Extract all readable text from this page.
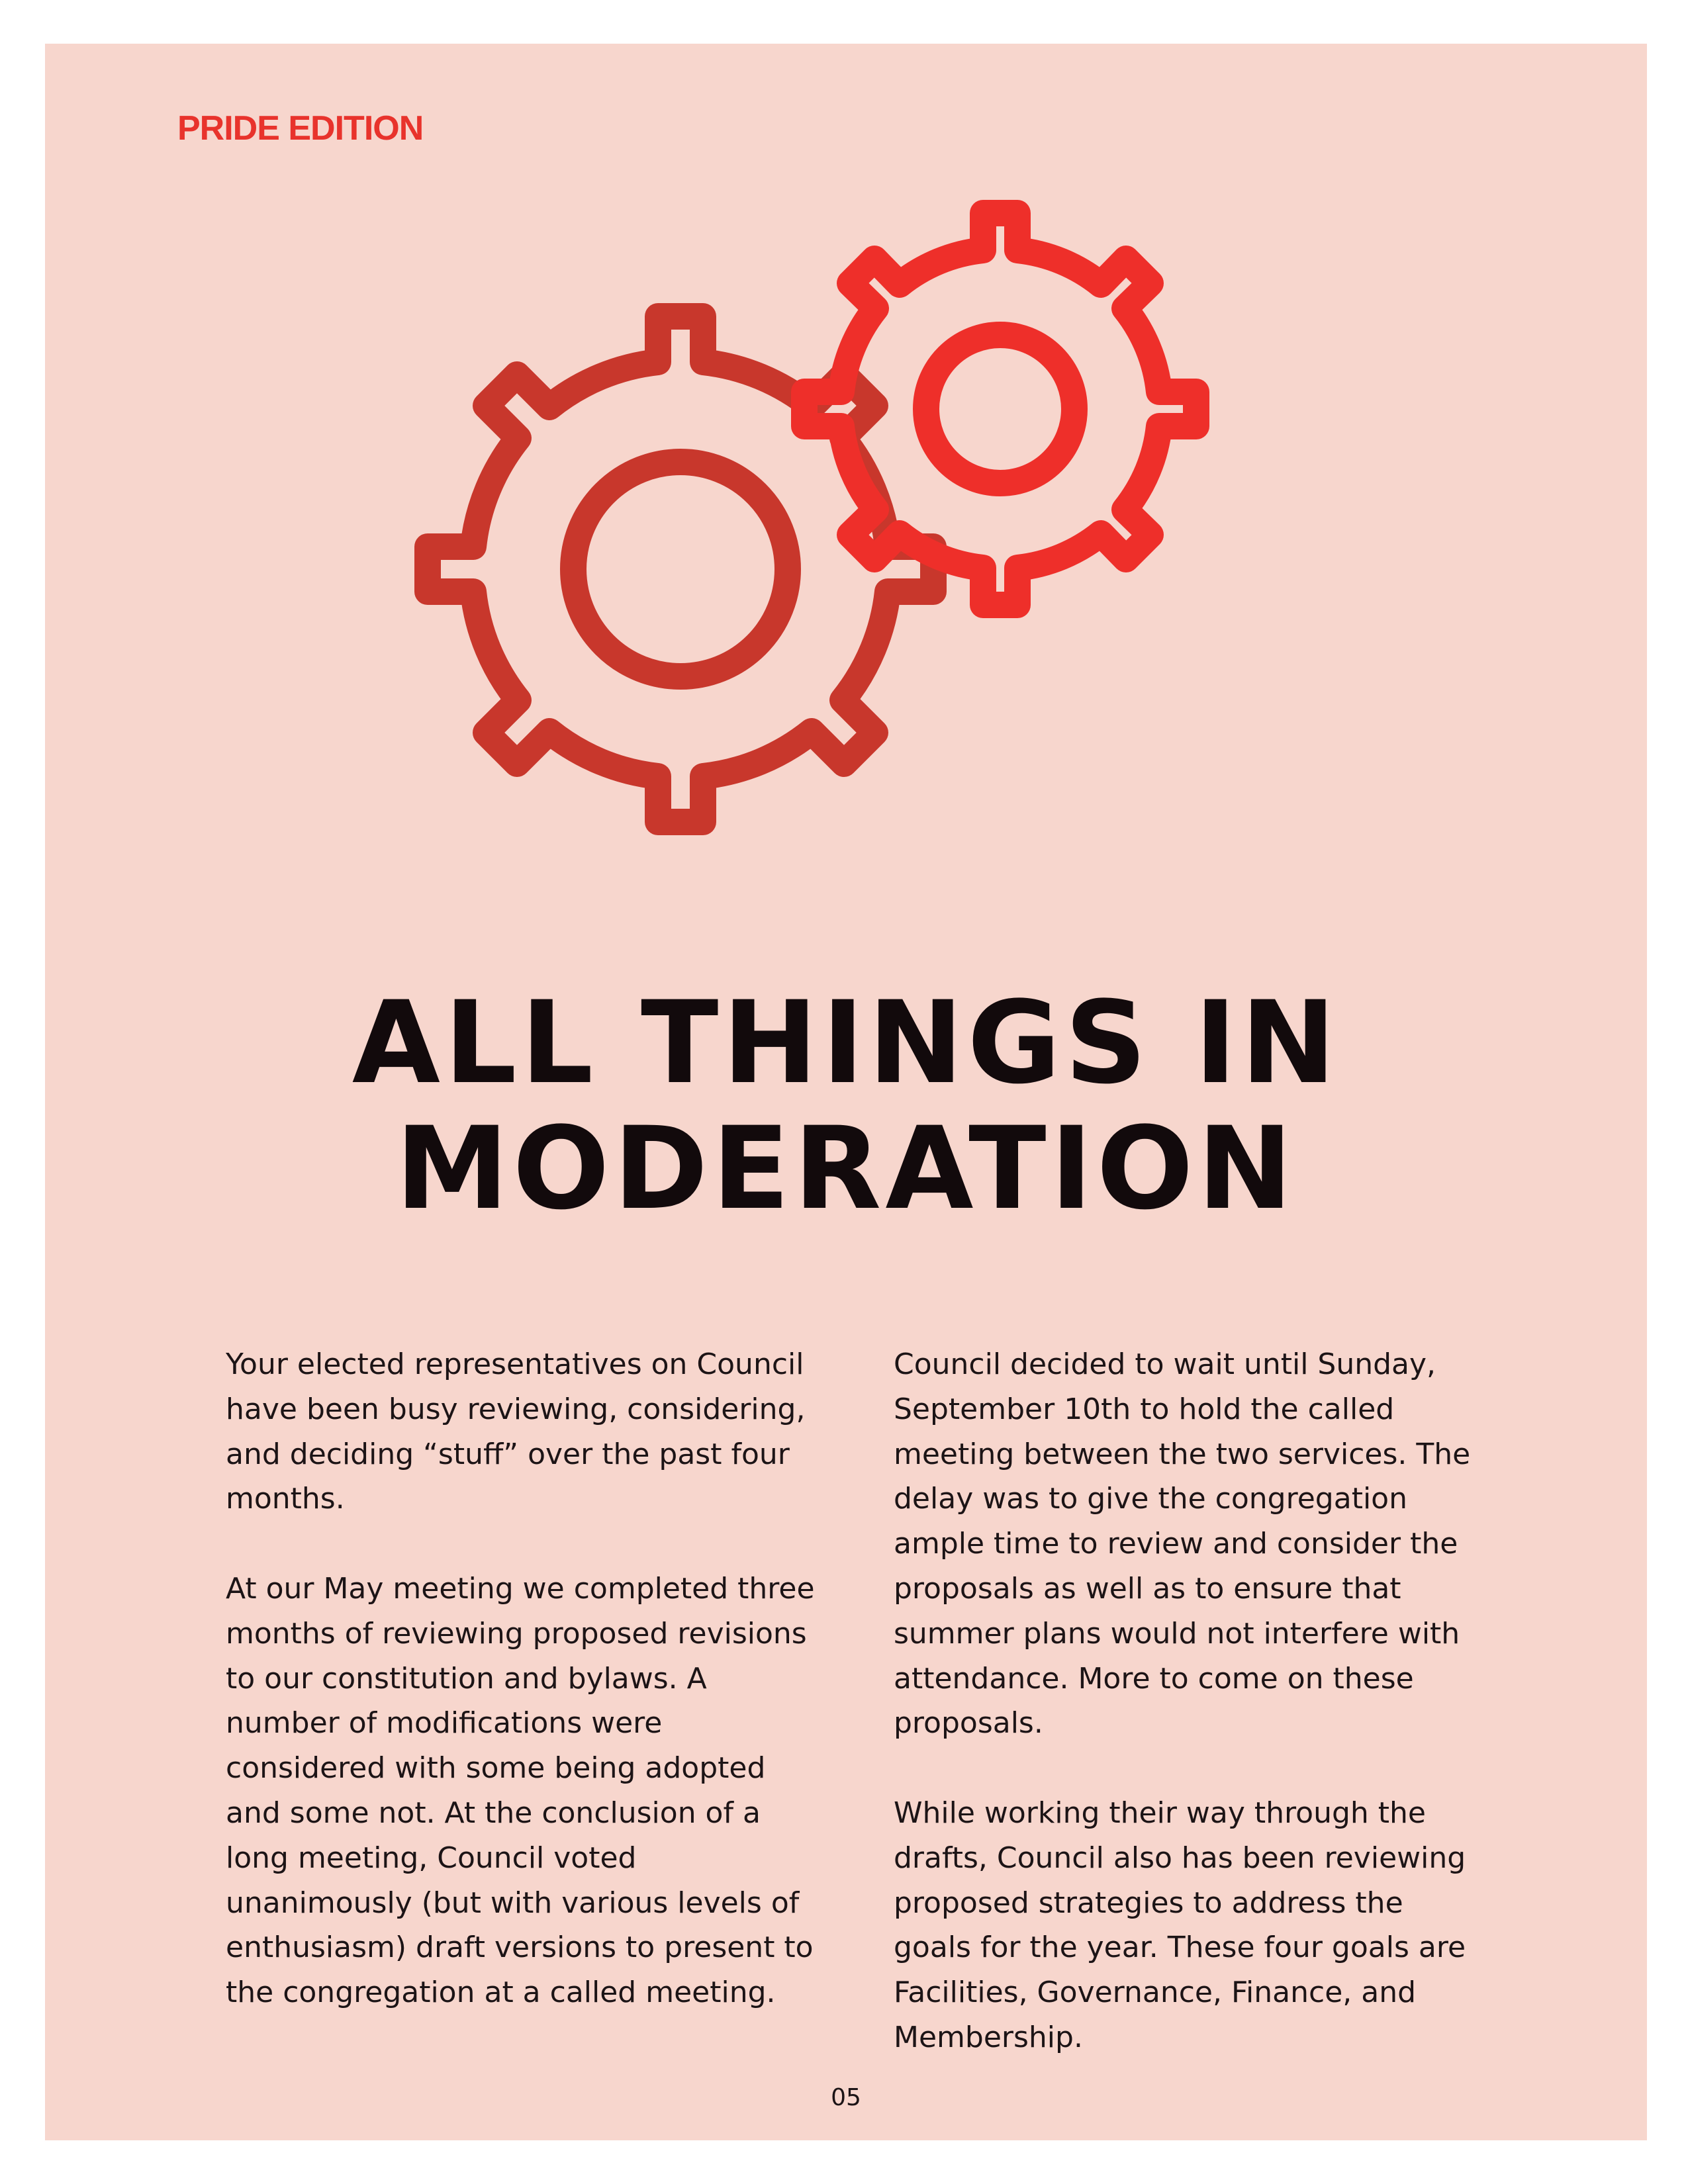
PRIDE EDITION
ALL THINGS IN
MODERATION

Your elected representatives on Council have been busy reviewing, considering, and deciding “stuff” over the past four months.

At our May meeting we completed three months of reviewing proposed revisions to our constitution and bylaws. A number of modifications were considered with some being adopted and some not. At the conclusion of a long meeting, Council voted unanimously (but with various levels of enthusiasm) draft versions to present to the congregation at a called meeting.

Council decided to wait until Sunday, September 10th to hold the called meeting between the two services. The delay was to give the congregation ample time to review and consider the proposals as well as to ensure that summer plans would not interfere with attendance. More to come on these proposals.

While working their way through the drafts, Council also has been reviewing proposed strategies to address the goals for the year. These four goals are Facilities, Governance, Finance, and Membership.

05
